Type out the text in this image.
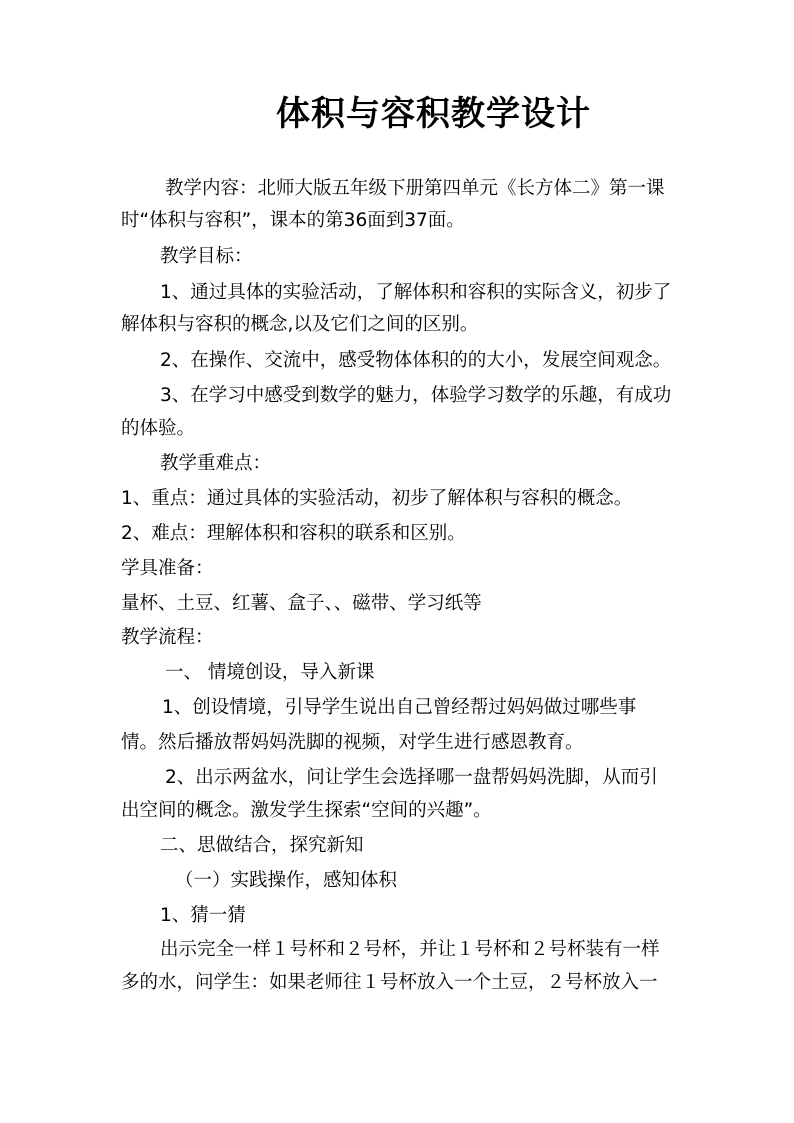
体积与容积教学设计

教学内容：北师大版五年级下册第四单元《长方体二》第一课

时“体积与容积”，课本的第36面到37面。

教学目标：

1、通过具体的实验活动，了解体积和容积的实际含义，初步了

解体积与容积的概念,以及它们之间的区别。

2、在操作、交流中，感受物体体积的的大小，发展空间观念。

3、在学习中感受到数学的魅力，体验学习数学的乐趣，有成功

的体验。

教学重难点：

1、重点：通过具体的实验活动，初步了解体积与容积的概念。

2、难点：理解体积和容积的联系和区别。

学具准备：

量杯、土豆、红薯、盒子、、磁带、学习纸等

教学流程：

一、 情境创设，导入新课

1、创设情境，引导学生说出自己曾经帮过妈妈做过哪些事

情。然后播放帮妈妈洗脚的视频，对学生进行感恩教育。

2、出示两盆水，问让学生会选择哪一盘帮妈妈洗脚，从而引

出空间的概念。激发学生探索“空间的兴趣”。

二、思做结合，探究新知

（一）实践操作，感知体积

1、猜一猜

出示完全一样１号杯和２号杯，并让１号杯和２号杯装有一样

多的水，问学生：如果老师往１号杯放入一个土豆，２号杯放入一
